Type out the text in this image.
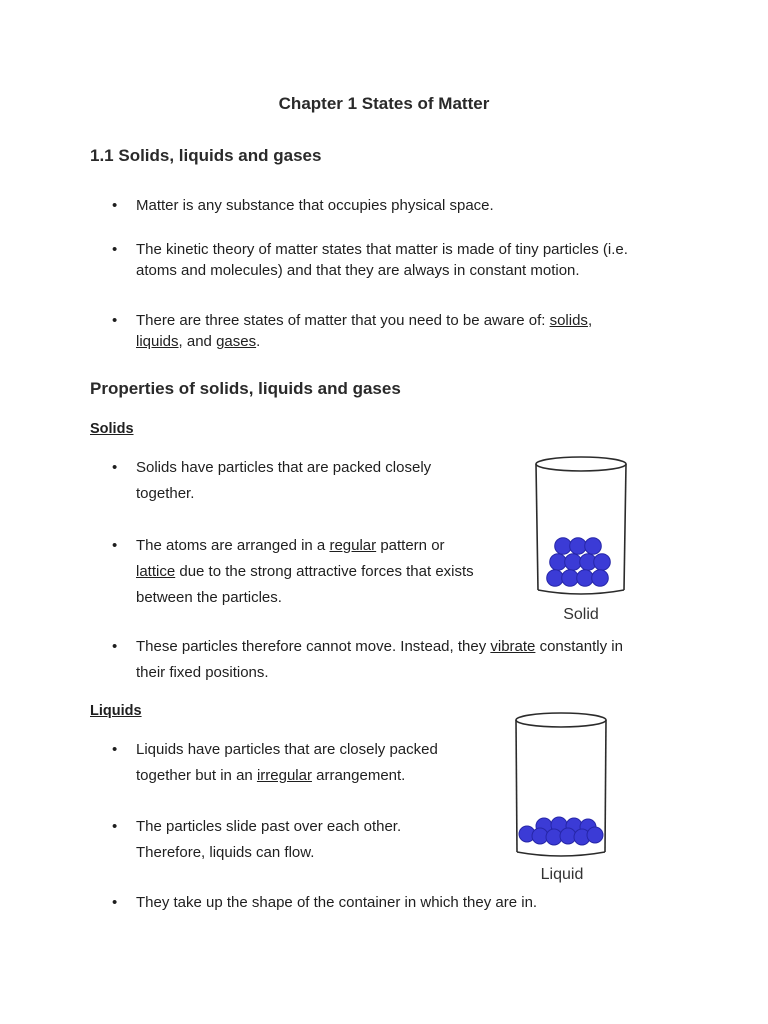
Chapter 1 States of Matter
1.1 Solids, liquids and gases
•
Matter is any substance that occupies physical space.
•
The kinetic theory of matter states that matter is made of tiny particles (i.e.
atoms and molecules) and that they are always in constant motion.
•
There are three states of matter that you need to be aware of: solids,
liquids, and gases.
Properties of solids, liquids and gases
Solids
•
Solids have particles that are packed closely
together.
•
The atoms are arranged in a regular pattern or
lattice due to the strong attractive forces that exists
between the particles.
•
These particles therefore cannot move. Instead, they vibrate constantly in
their fixed positions.
Solid
Liquids
•
Liquids have particles that are closely packed
together but in an irregular arrangement.
•
The particles slide past over each other.
Therefore, liquids can flow.
•
They take up the shape of the container in which they are in.
Liquid
